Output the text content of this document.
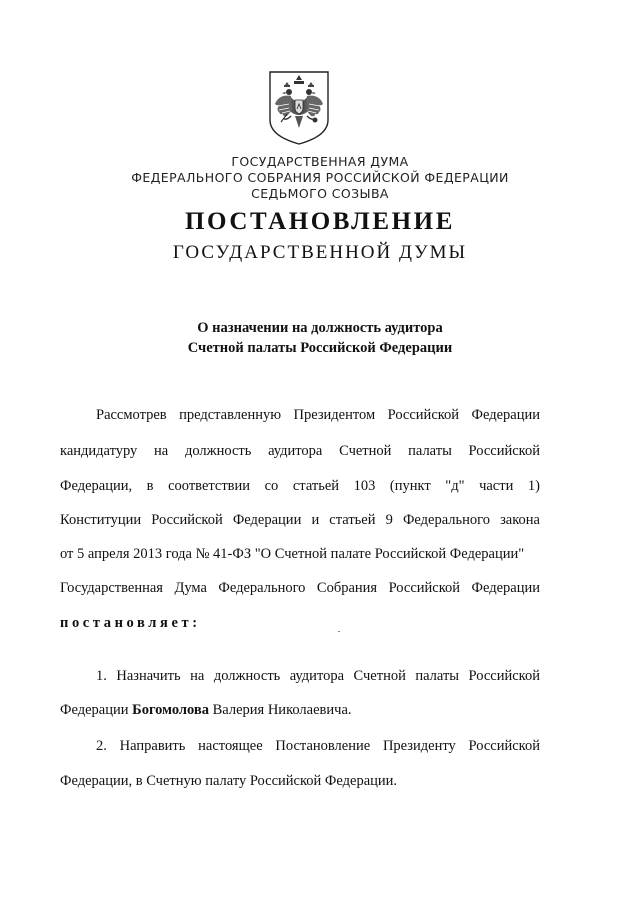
ГОСУДАРСТВЕННАЯ ДУМА
ФЕДЕРАЛЬНОГО СОБРАНИЯ РОССИЙСКОЙ ФЕДЕРАЦИИ
СЕДЬМОГО СОЗЫВА
ПОСТАНОВЛЕНИЕ
ГОСУДАРСТВЕННОЙ ДУМЫ
О назначении на должность аудитора
Счетной палаты Российской Федерации
Рассмотрев представленную Президентом Российской Федерации
кандидатуру на должность аудитора Счетной палаты Российской
Федерации, в соответствии со статьей 103 (пункт "д" части 1)
Конституции Российской Федерации и статьей 9 Федерального закона
от 5 апреля 2013 года № 41-ФЗ "О Счетной палате Российской Федерации"
Государственная Дума Федерального Собрания Российской Федерации
постановляет:
1. Назначить на должность аудитора Счетной палаты Российской
Федерации Богомолова Валерия Николаевича.
2. Направить настоящее Постановление Президенту Российской
Федерации, в Счетную палату Российской Федерации.
